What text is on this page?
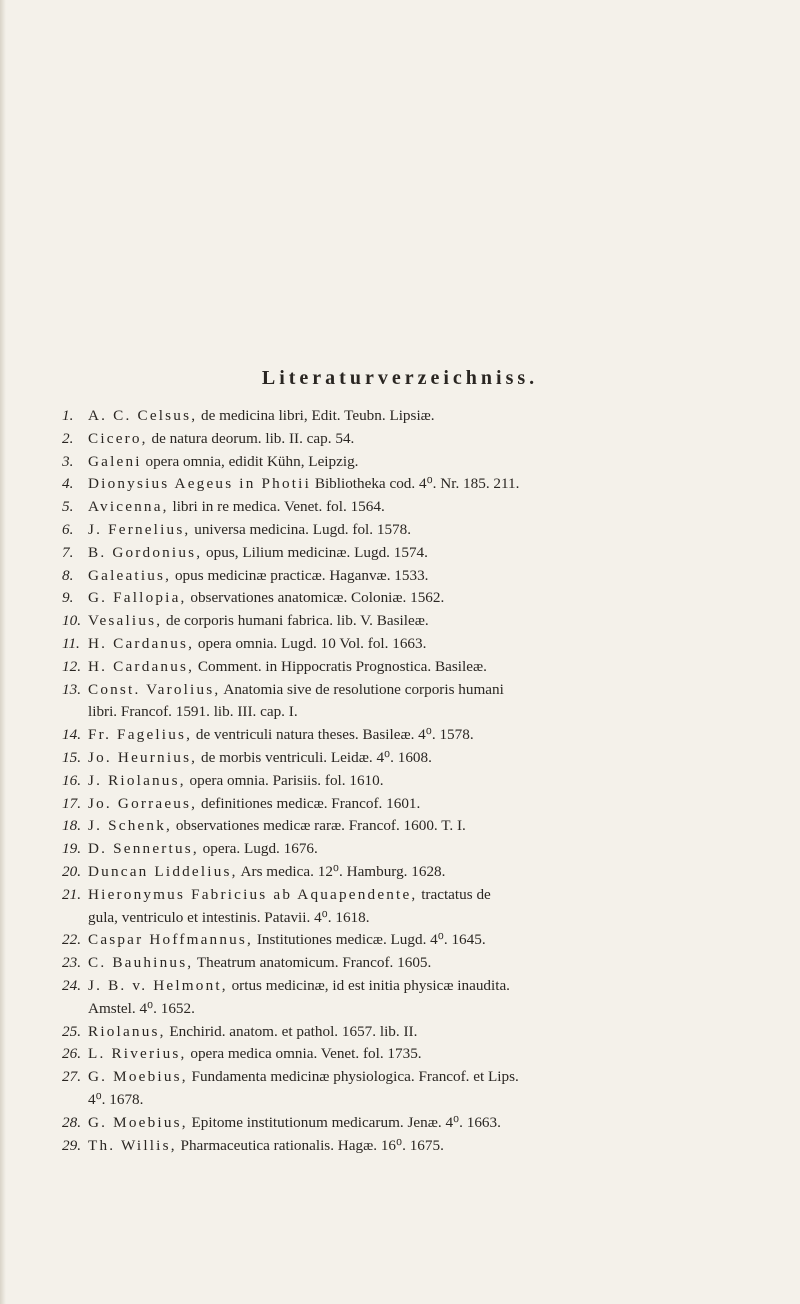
Literaturverzeichniss.
1. A. C. Celsus, de medicina libri, Edit. Teubn. Lipsiæ.
2. Cicero, de natura deorum. lib. II. cap. 54.
3. Galeni opera omnia, edidit Kühn, Leipzig.
4. Dionysius Aegeus in Photii Bibliotheka cod. 4⁰. Nr. 185. 211.
5. Avicenna, libri in re medica. Venet. fol. 1564.
6. J. Fernelius, universa medicina. Lugd. fol. 1578.
7. B. Gordonius, opus, Lilium medicinæ. Lugd. 1574.
8. Galeatius, opus medicinæ practicæ. Haganvæ. 1533.
9. G. Fallopia, observationes anatomicæ. Coloniæ. 1562.
10. Vesalius, de corporis humani fabrica. lib. V. Basileæ.
11. H. Cardanus, opera omnia. Lugd. 10 Vol. fol. 1663.
12. H. Cardanus, Comment. in Hippocratis Prognostica. Basileæ.
13. Const. Varolius, Anatomia sive de resolutione corporis humani
libri. Francof. 1591. lib. III. cap. I.
14. Fr. Fagelius, de ventriculi natura theses. Basileæ. 4⁰. 1578.
15. Jo. Heurnius, de morbis ventriculi. Leidæ. 4⁰. 1608.
16. J. Riolanus, opera omnia. Parisiis. fol. 1610.
17. Jo. Gorraeus, definitiones medicæ. Francof. 1601.
18. J. Schenk, observationes medicæ raræ. Francof. 1600. T. I.
19. D. Sennertus, opera. Lugd. 1676.
20. Duncan Liddelius, Ars medica. 12⁰. Hamburg. 1628.
21. Hieronymus Fabricius ab Aquapendente, tractatus de
gula, ventriculo et intestinis. Patavii. 4⁰. 1618.
22. Caspar Hoffmannus, Institutiones medicæ. Lugd. 4⁰. 1645.
23. C. Bauhinus, Theatrum anatomicum. Francof. 1605.
24. J. B. v. Helmont, ortus medicinæ, id est initia physicæ inaudita.
Amstel. 4⁰. 1652.
25. Riolanus, Enchirid. anatom. et pathol. 1657. lib. II.
26. L. Riverius, opera medica omnia. Venet. fol. 1735.
27. G. Moebius, Fundamenta medicinæ physiologica. Francof. et Lips.
4⁰. 1678.
28. G. Moebius, Epitome institutionum medicarum. Jenæ. 4⁰. 1663.
29. Th. Willis, Pharmaceutica rationalis. Hagæ. 16⁰. 1675.
